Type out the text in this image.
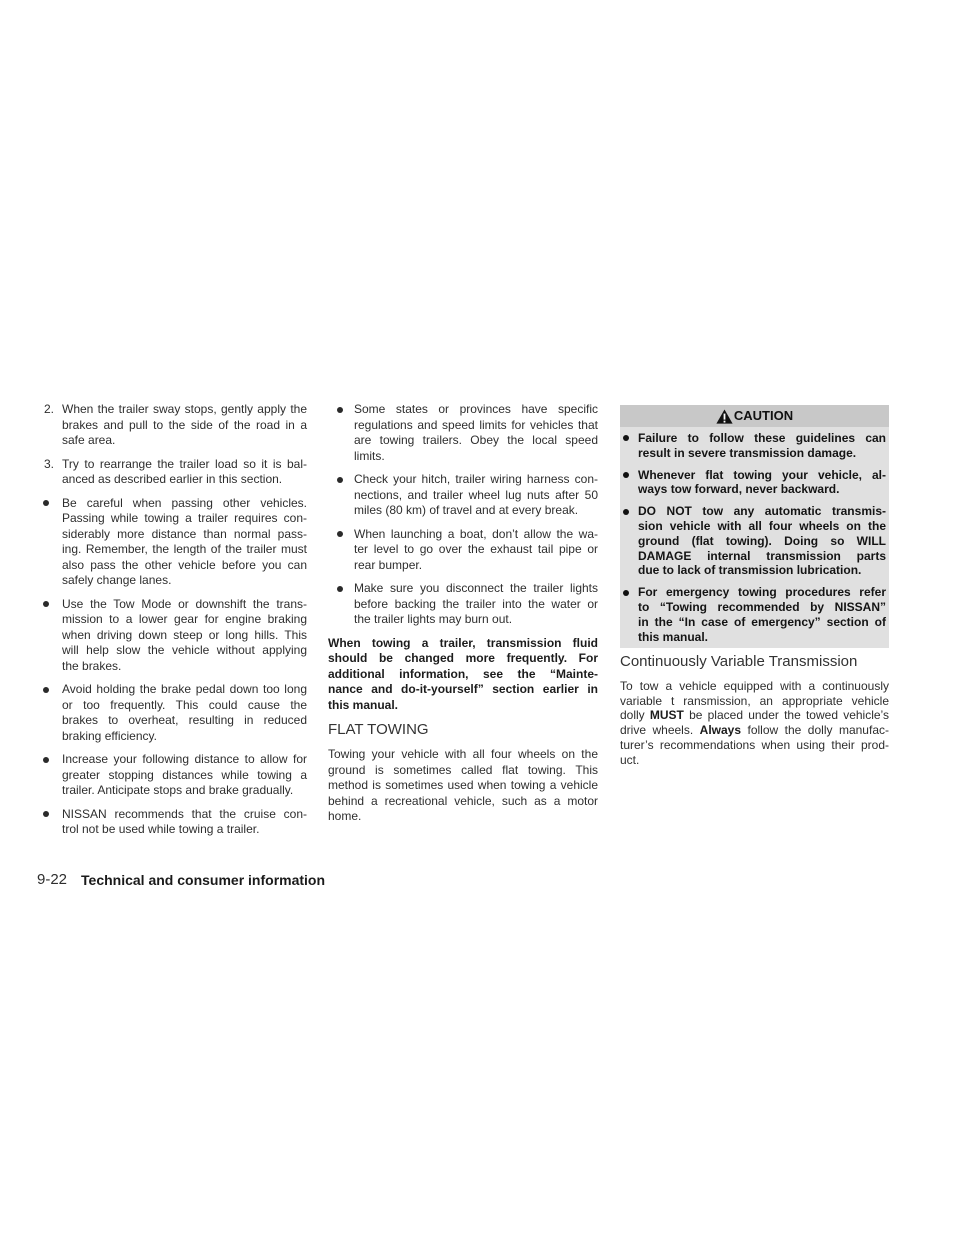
2. When the trailer sway stops, gently apply the
brakes and pull to the side of the road in a
safe area.
3. Try to rearrange the trailer load so it is bal-
anced as described earlier in this section.
Be careful when passing other vehicles.
Passing while towing a trailer requires con-
siderably more distance than normal pass-
ing. Remember, the length of the trailer must
also pass the other vehicle before you can
safely change lanes.
Use the Tow Mode or downshift the trans-
mission to a lower gear for engine braking
when driving down steep or long hills. This
will help slow the vehicle without applying
the brakes.
Avoid holding the brake pedal down too long
or too frequently. This could cause the
brakes to overheat, resulting in reduced
braking efficiency.
Increase your following distance to allow for
greater stopping distances while towing a
trailer. Anticipate stops and brake gradually.
NISSAN recommends that the cruise con-
trol not be used while towing a trailer.
Some states or provinces have specific
regulations and speed limits for vehicles that
are towing trailers. Obey the local speed
limits.
Check your hitch, trailer wiring harness con-
nections, and trailer wheel lug nuts after 50
miles (80 km) of travel and at every break.
When launching a boat, don’t allow the wa-
ter level to go over the exhaust tail pipe or
rear bumper.
Make sure you disconnect the trailer lights
before backing the trailer into the water or
the trailer lights may burn out.
When towing a trailer, transmission fluid
should be changed more frequently. For
additional information, see the “Mainte-
nance and do-it-yourself” section earlier in
this manual.
FLAT TOWING
Towing your vehicle with all four wheels on the
ground is sometimes called flat towing. This
method is sometimes used when towing a vehicle
behind a recreational vehicle, such as a motor
home.
CAUTION
Failure to follow these guidelines can
result in severe transmission damage.
Whenever flat towing your vehicle, al-
ways tow forward, never backward.
DO NOT tow any automatic transmis-
sion vehicle with all four wheels on the
ground (flat towing). Doing so WILL
DAMAGE internal transmission parts
due to lack of transmission lubrication.
For emergency towing procedures refer
to “Towing recommended by NISSAN”
in the “In case of emergency” section of
this manual.
Continuously Variable Transmission
To tow a vehicle equipped with a continuously
variable t ransmission, an appropriate vehicle
dolly MUST be placed under the towed vehicle’s
drive wheels. Always follow the dolly manufac-
turer’s recommendations when using their prod-
uct.
9-22 Technical and consumer information
